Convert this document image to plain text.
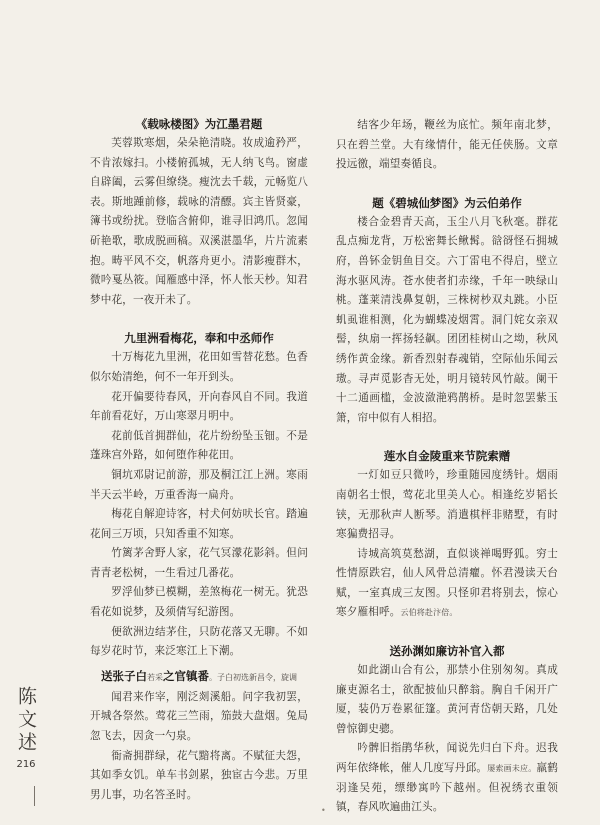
《载咏楼图》为江墨君题

芙蓉欺寒烟，朵朵艳清晓。妆成逾矜严，不肯浓嫁扫。小楼俯孤城，无人纳飞鸟。窗虚自辟阖，云雾但缭绕。瘦沈去千载，元畅览八表。斯地踵前修，载咏的清醥。宾主皆贤豪，簿书或纷扰。登临含俯仰，谁寻旧鸿爪。忽闻斫艳歌，歌成脱画稿。双溪湛墨华，片片流素抱。畴平风不交，帆落舟更小。清影瘦群木，微吟戛丛筱。闻雁感中泽，怀人怅天杪。知君梦中花，一夜开未了。

九里洲看梅花，奉和中丞师作

十万梅花九里洲，花田如雪替花愁。色香似尔始清绝，何不一年开到头。

花开偏要待春风，开向春风自不同。我道年前看花好，万山寒翠月明中。

花前低首拥群仙，花片纷纷坠玉钿。不是蓬珠宫外路，如何堕作种花田。

铜坑邓尉记前游，那及桐江江上洲。寒雨半天云半岭，万重香海一扁舟。

梅花自解迎诗客，村犬何妨吠长官。踏遍花间三万顷，只知香重不知寒。

竹篱茅舍野人家，花气冥濛花影斜。但问青青老松树，一生看过几番花。

罗浮仙梦已模糊，差煞梅花一树无。犹恐看花如说梦，及须倩写纪游图。

便欲洲边结茅住，只防花落又无聊。不如每岁花时节，来泛寒江上下潮。

送张子白若采之官镇番。子白初选新昌令，旋调

闻君来作宰，刚泛剡溪船。问字我初罢，开城各祭然。莺花三竺雨，笳鼓大盘烟。兔局忽飞去，因贪一勺泉。

衙斋拥群绿，花气黯将离。不赋征夫怨，其如季女饥。单车书剑累，独宦古今悲。万里男儿事，功名答圣时。

结客少年场，鞭丝为底忙。频年南北梦，只在碧兰堂。大有缘情什，能无任侠肠。文章投远徼，端望奏循良。

题《碧城仙梦图》为云伯弟作

楼合金碧青天高，玉尘八月飞秋毫。群花乱点痴龙背，万松密舞长鳅髯。谽谺怪石拥城府，兽钚金钥鱼目交。六丁雷电不得启，壁立海水驱风涛。苍水使者扪赤缘，千年一映绿山桃。蓬莱清浅鼻复朝，三株树杪双丸跳。小臣虮虱谁相测，化为蝴蝶凌烟霄。洞门姹女亲双髻，纨扇一挥扬轻飙。团团桂树山之坳，秋风绣作黄金缘。新香烈射春魂销，空际仙乐闻云璈。寻声觅影杳无处，明月镜转风竹敲。阑干十二通画槛，金波潋滟鸦鹊桥。是时忽罢紫玉箫，帘中似有人相招。

莲水自金陵重来节院索赠

一灯如豆只微吟，珍重随园度绣针。烟雨南朝名士恨，莺花北里美人心。相逢纥岁韬长铗，无那秋声人断琴。消遣棋枰非赌墅，有时寒猵费招寻。

诗城高筑莫愁湖，直似谈禅喝野狐。穷士性情原跌宕，仙人风骨总清癯。怀君漫读天台赋，一室真成三友图。只怪卯君将别去，惊心寒夕雁相呼。云伯将赴汴倍。

送孙渊如廉访补官入都

如此湖山合有公，那禁小住别匆匆。真成廉吏源名士，欲配披仙只醉翁。胸自千闲开广厦，装仍万卷累征篷。黄河青岱朝天路，几处曾惊御史骢。

吟髀旧指鹃华秋，闻说先归白下舟。迟我两年依绛帐，催人几度写丹邱。屡索画未应。羸鹤羽逢吴苑，缥缈寓吟下越州。但祝绣衣重领镇，春风吹遍曲江头。

陈文述
216
•
